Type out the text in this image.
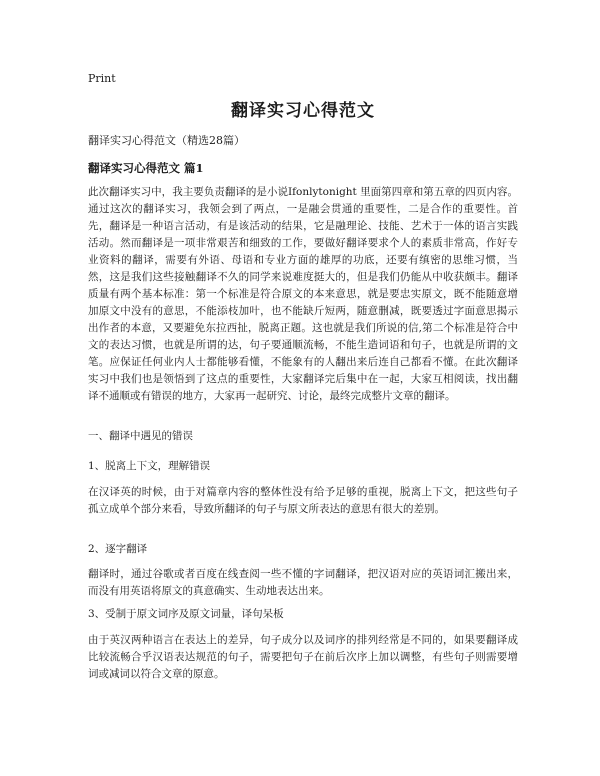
Print
翻译实习心得范文
翻译实习心得范文（精选28篇）
翻译实习心得范文 篇1
此次翻译实习中，我主要负责翻译的是小说Ifonlytonight 里面第四章和第五章的四页内容。通过这次的翻译实习，我领会到了两点，一是融会贯通的重要性，二是合作的重要性。首先，翻译是一种语言活动，有是该活动的结果，它是融理论、技能、艺术于一体的语言实践活动。然而翻译是一项非常艰苦和细致的工作，要做好翻译要求个人的素质非常高，作好专业资料的翻译，需要有外语、母语和专业方面的雄厚的功底，还要有缜密的思维习惯，当然，这是我们这些接触翻译不久的同学来说难度挺大的，但是我们仍能从中收获颇丰。翻译质量有两个基本标准：第一个标准是符合原文的本来意思，就是要忠实原文，既不能随意增加原文中没有的意思，不能添枝加叶，也不能缺斤短两，随意删减，既要透过字面意思揭示出作者的本意，又要避免东拉西扯，脱离正题。这也就是我们所说的信,第二个标准是符合中文的表达习惯，也就是所谓的达，句子要通顺流畅，不能生造词语和句子，也就是所谓的文笔。应保证任何业内人士都能够看懂，不能象有的人翻出来后连自己都看不懂。在此次翻译实习中我们也是领悟到了这点的重要性，大家翻译完后集中在一起，大家互相阅读，找出翻译不通顺或有错误的地方，大家再一起研究、讨论，最终完成整片文章的翻译。
一、翻译中遇见的错误
1、脱离上下文，理解错误
在汉译英的时候，由于对篇章内容的整体性没有给予足够的重视，脱离上下文，把这些句子孤立成单个部分来看，导致所翻译的句子与原文所表达的意思有很大的差别。
2、逐字翻译
翻译时，通过谷歌或者百度在线查阅一些不懂的字词翻译，把汉语对应的英语词汇搬出来，而没有用英语将原文的真意确实、生动地表达出来。
3、受制于原文词序及原文词量，译句呆板
由于英汉两种语言在表达上的差异，句子成分以及词序的排列经常是不同的，如果要翻译成比较流畅合乎汉语表达规范的句子，需要把句子在前后次序上加以调整，有些句子则需要增词或减词以符合文章的原意。
